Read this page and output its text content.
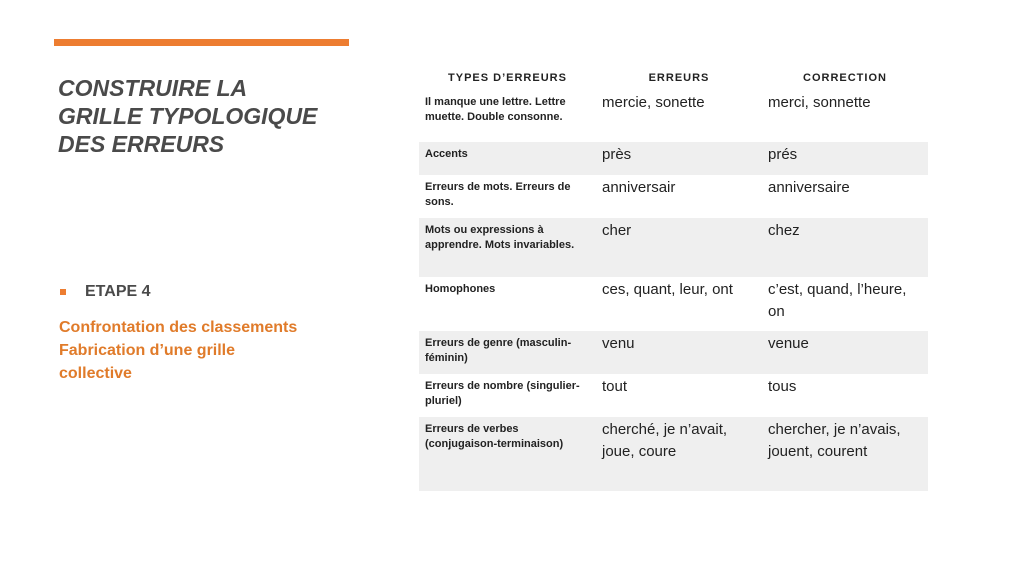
CONSTRUIRE LA
GRILLE TYPOLOGIQUE
DES ERREURS
ETAPE 4
Confrontation des classements
Fabrication d’une grille
collective
TYPES D’ERREURS	ERREURS	CORRECTION
Il manque une lettre. Lettre muette. Double consonne.	mercie, sonette	merci, sonnette
Accents	près	prés
Erreurs de mots. Erreurs de sons.	anniversair	anniversaire
Mots ou expressions à apprendre. Mots invariables.	cher	chez
Homophones	ces, quant, leur, ont	c’est, quand, l’heure, on
Erreurs de genre (masculin-féminin)	venu	venue
Erreurs de nombre (singulier-pluriel)	tout	tous
Erreurs de verbes (conjugaison-terminaison)	cherché, je n’avait, joue, coure	chercher, je n’avais, jouent, courent
